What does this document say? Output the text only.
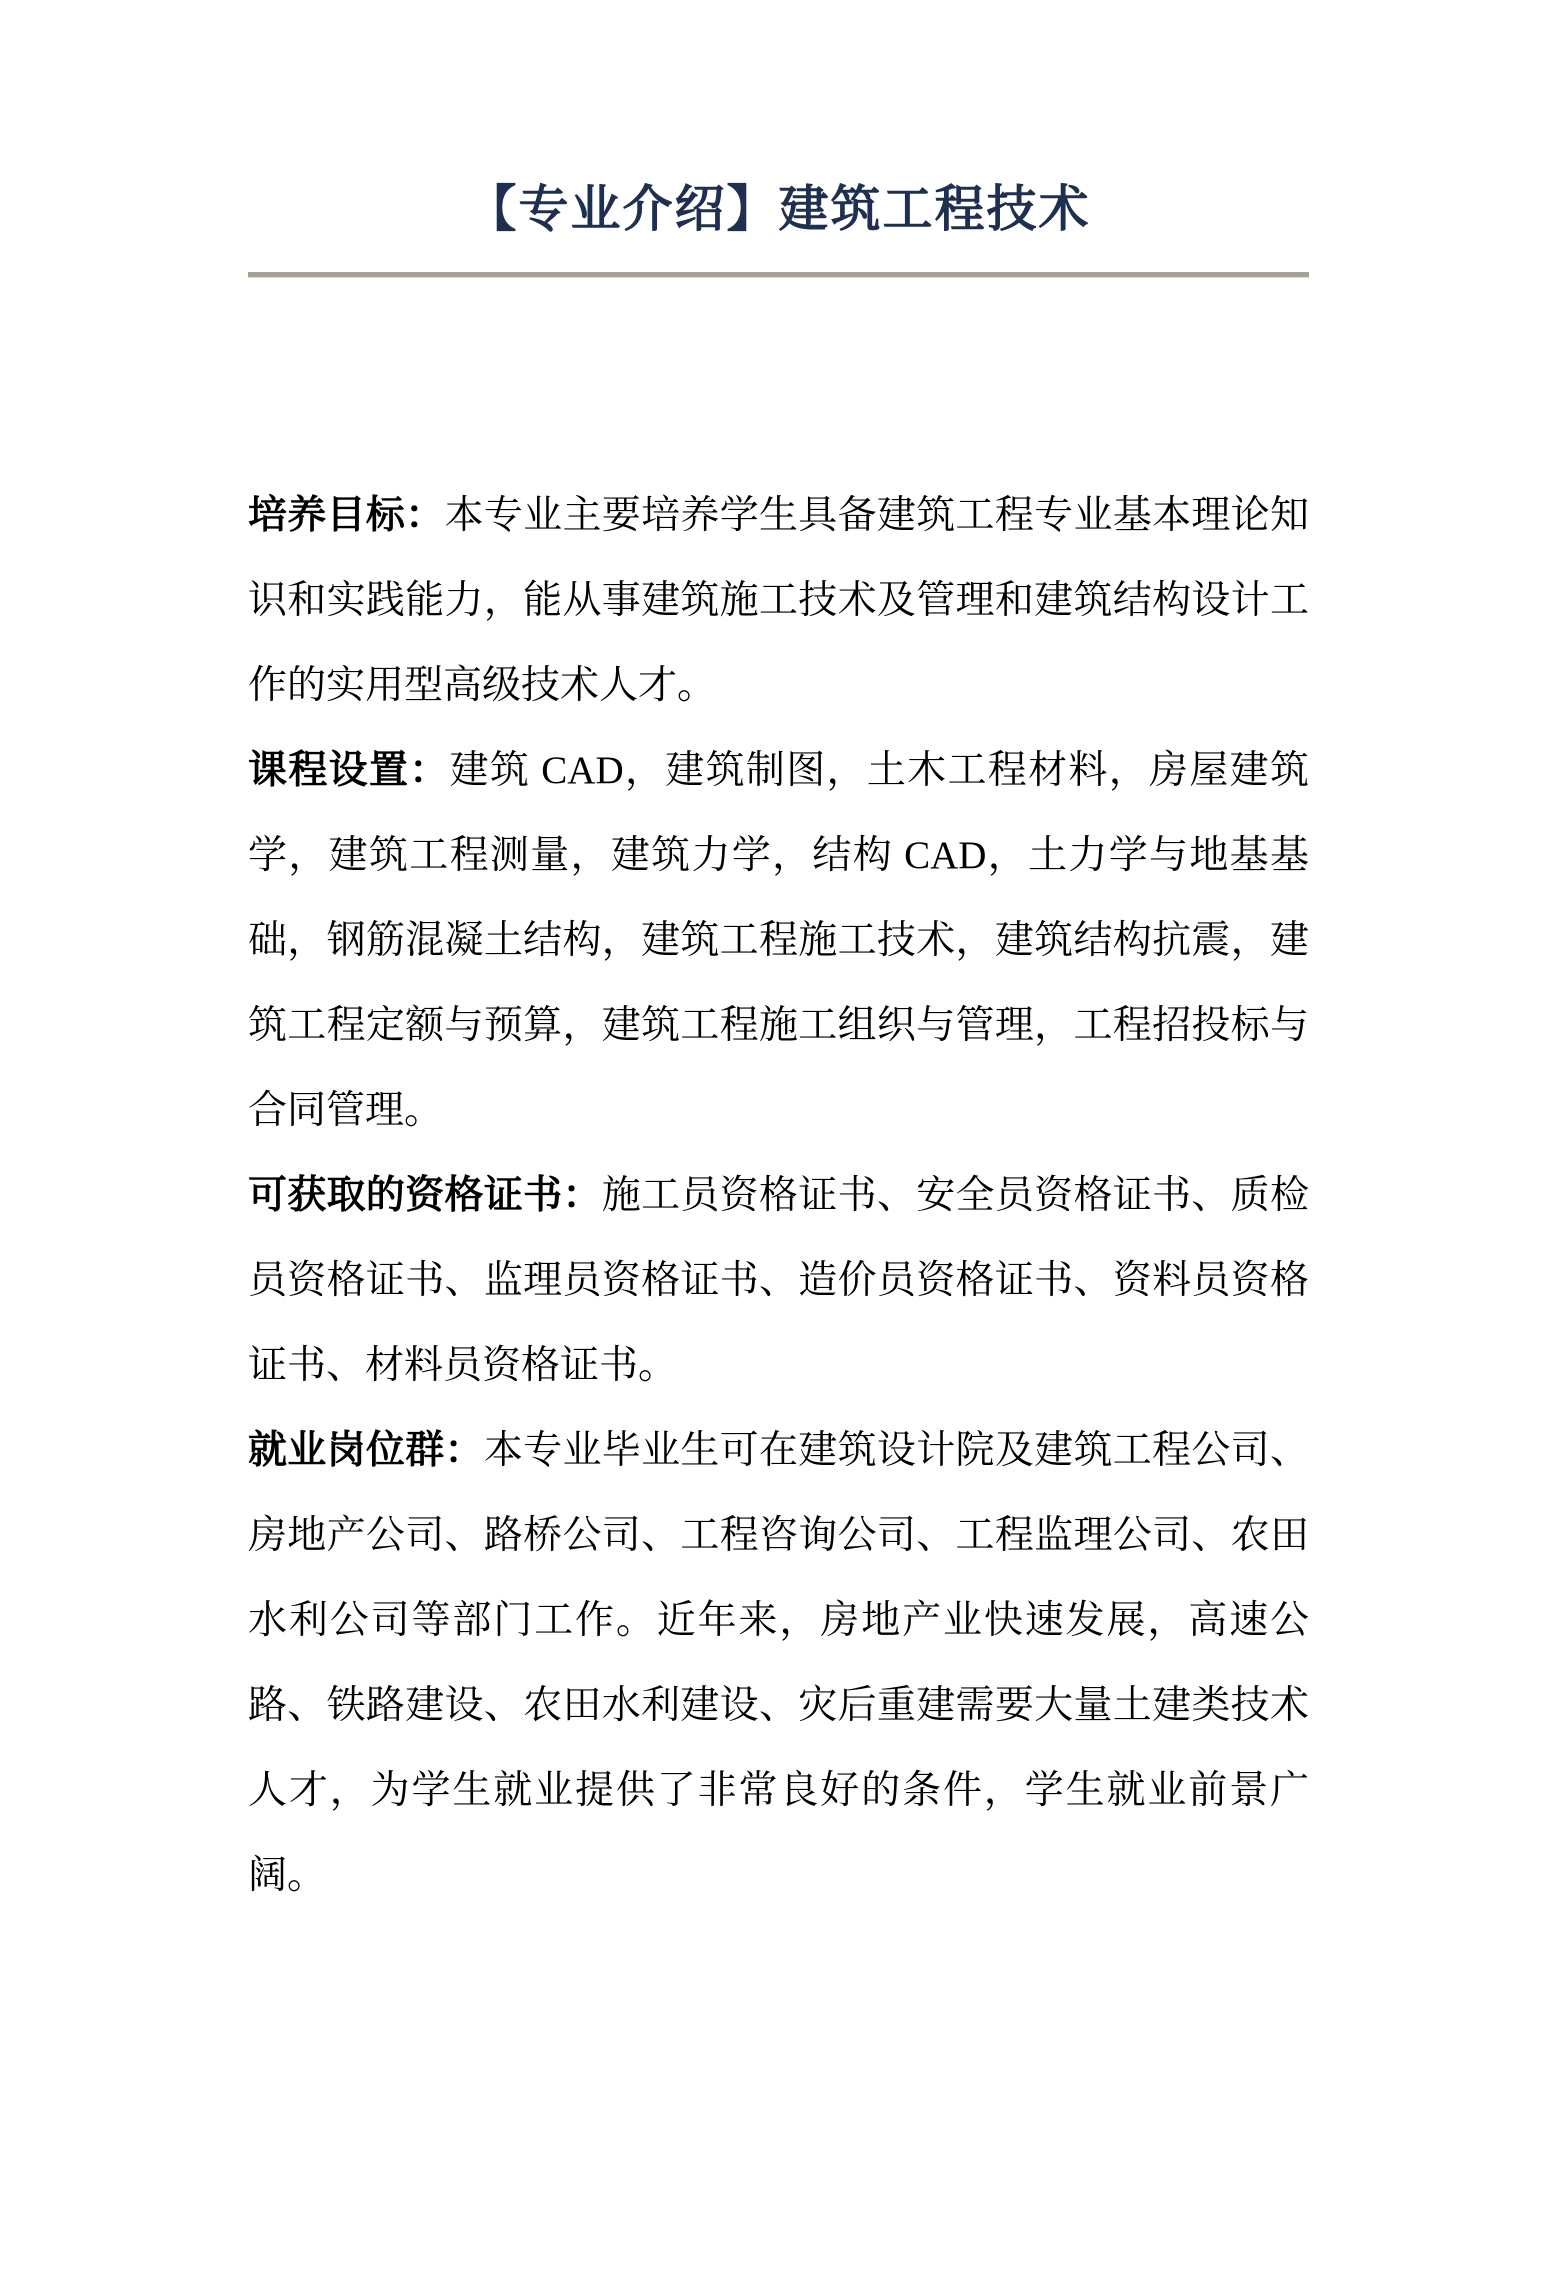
【专业介绍】建筑工程技术

培养目标：本专业主要培养学生具备建筑工程专业基本理论知识和实践能力，能从事建筑施工技术及管理和建筑结构设计工作的实用型高级技术人才。

课程设置：建筑 CAD，建筑制图，土木工程材料，房屋建筑学，建筑工程测量，建筑力学，结构 CAD，土力学与地基基础，钢筋混凝土结构，建筑工程施工技术，建筑结构抗震，建筑工程定额与预算，建筑工程施工组织与管理，工程招投标与合同管理。

可获取的资格证书：施工员资格证书、安全员资格证书、质检员资格证书、监理员资格证书、造价员资格证书、资料员资格证书、材料员资格证书。

就业岗位群：本专业毕业生可在建筑设计院及建筑工程公司、房地产公司、路桥公司、工程咨询公司、工程监理公司、农田水利公司等部门工作。近年来，房地产业快速发展，高速公路、铁路建设、农田水利建设、灾后重建需要大量土建类技术人才，为学生就业提供了非常良好的条件，学生就业前景广阔。
